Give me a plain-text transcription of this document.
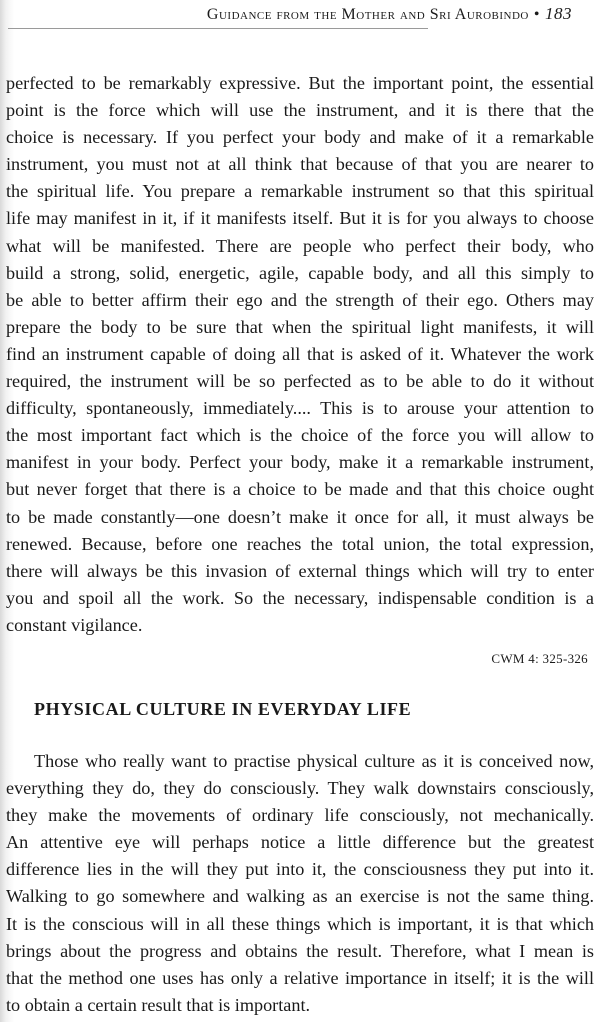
Guidance from the Mother and Sri Aurobindo • 183
perfected to be remarkably expressive. But the important point, the essential
point is the force which will use the instrument, and it is there that the
choice is necessary. If you perfect your body and make of it a remarkable
instrument, you must not at all think that because of that you are nearer to
the spiritual life. You prepare a remarkable instrument so that this spiritual
life may manifest in it, if it manifests itself. But it is for you always to choose
what will be manifested. There are people who perfect their body, who
build a strong, solid, energetic, agile, capable body, and all this simply to
be able to better affirm their ego and the strength of their ego. Others may
prepare the body to be sure that when the spiritual light manifests, it will
find an instrument capable of doing all that is asked of it. Whatever the work
required, the instrument will be so perfected as to be able to do it without
difficulty, spontaneously, immediately.... This is to arouse your attention to
the most important fact which is the choice of the force you will allow to
manifest in your body. Perfect your body, make it a remarkable instrument,
but never forget that there is a choice to be made and that this choice ought
to be made constantly—one doesn’t make it once for all, it must always be
renewed. Because, before one reaches the total union, the total expression,
there will always be this invasion of external things which will try to enter
you and spoil all the work. So the necessary, indispensable condition is a
constant vigilance.
CWM 4: 325-326
PHYSICAL CULTURE IN EVERYDAY LIFE
Those who really want to practise physical culture as it is conceived now,
everything they do, they do consciously. They walk downstairs consciously,
they make the movements of ordinary life consciously, not mechanically.
An attentive eye will perhaps notice a little difference but the greatest
difference lies in the will they put into it, the consciousness they put into it.
Walking to go somewhere and walking as an exercise is not the same thing.
It is the conscious will in all these things which is important, it is that which
brings about the progress and obtains the result. Therefore, what I mean is
that the method one uses has only a relative importance in itself; it is the will
to obtain a certain result that is important.
